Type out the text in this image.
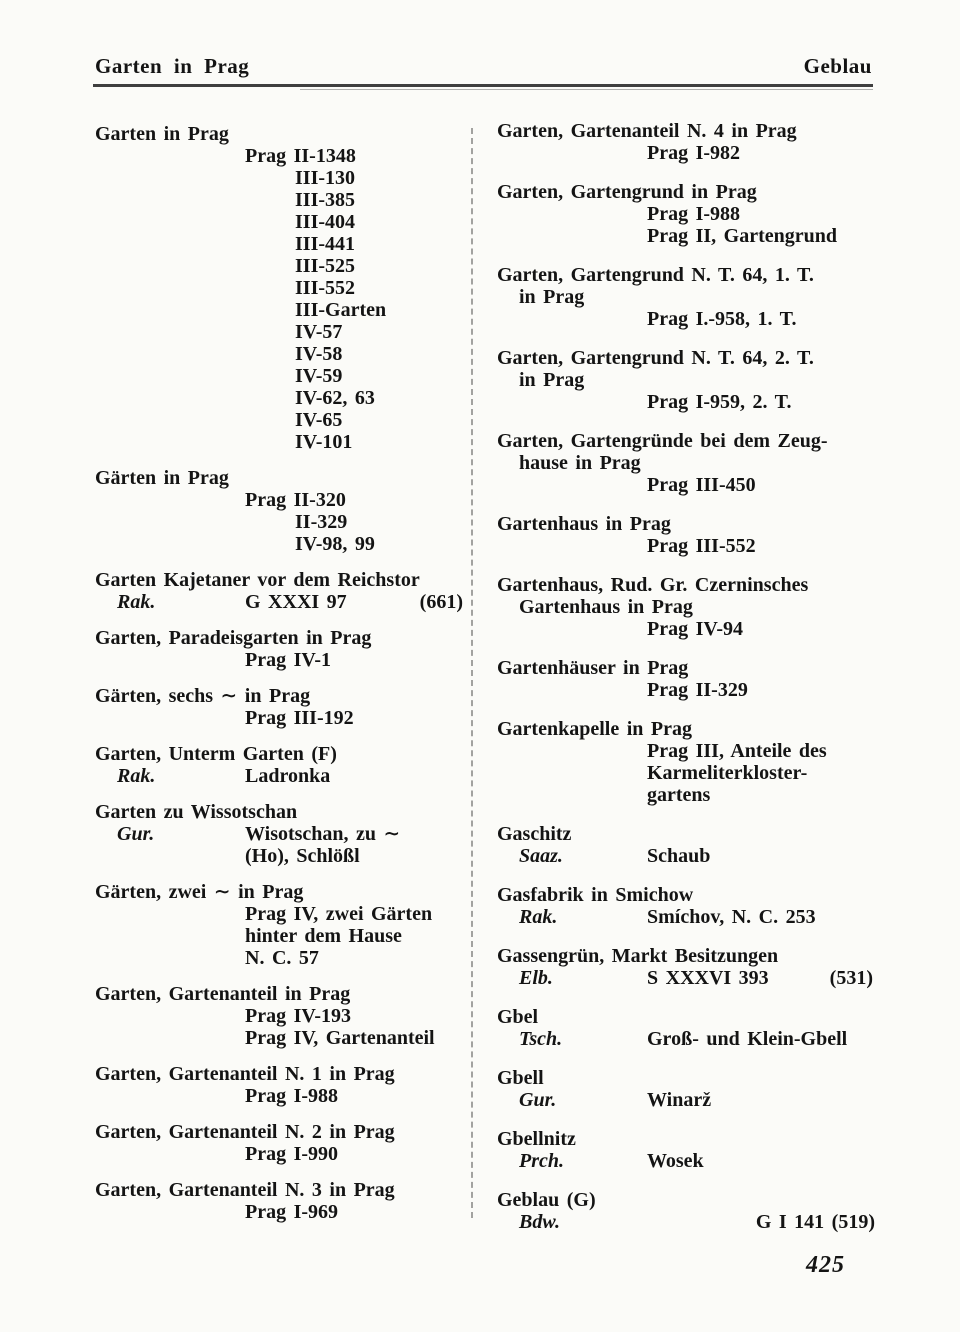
Garten in Prag	Geblau
Garten in Prag
Prag II-1348
III-130
III-385
III-404
III-441
III-525
III-552
III-Garten
IV-57
IV-58
IV-59
IV-62, 63
IV-65
IV-101
Gärten in Prag
Prag II-320
II-329
IV-98, 99
Garten Kajetaner vor dem Reichstor
Rak.	G XXXI 97	(661)
Garten, Paradeisgarten in Prag
Prag IV-1
Gärten, sechs ∼ in Prag
Prag III-192
Garten, Unterm Garten (F)
Rak.	Ladronka
Garten zu Wissotschan
Gur.	Wisotschan, zu ∼
(Ho), Schlößl
Gärten, zwei ∼ in Prag
Prag IV, zwei Gärten
hinter dem Hause
N. C. 57
Garten, Gartenanteil in Prag
Prag IV-193
Prag IV, Gartenanteil
Garten, Gartenanteil N. 1 in Prag
Prag I-988
Garten, Gartenanteil N. 2 in Prag
Prag I-990
Garten, Gartenanteil N. 3 in Prag
Prag I-969
Garten, Gartenanteil N. 4 in Prag
Prag I-982
Garten, Gartengrund in Prag
Prag I-988
Prag II, Gartengrund
Garten, Gartengrund N. T. 64, 1. T.
in Prag
Prag I.-958, 1. T.
Garten, Gartengrund N. T. 64, 2. T.
in Prag
Prag I-959, 2. T.
Garten, Gartengründe bei dem Zeug-
hause in Prag
Prag III-450
Gartenhaus in Prag
Prag III-552
Gartenhaus, Rud. Gr. Czerninsches
Gartenhaus in Prag
Prag IV-94
Gartenhäuser in Prag
Prag II-329
Gartenkapelle in Prag
Prag III, Anteile des
Karmeliterkloster-
gartens
Gaschitz
Saaz.	Schaub
Gasfabrik in Smichow
Rak.	Smíchov, N. C. 253
Gassengrün, Markt Besitzungen
Elb.	S XXXVI 393	(531)
Gbel
Tsch.	Groß- und Klein-Gbell
Gbell
Gur.	Winarž
Gbellnitz
Prch.	Wosek
Geblau (G)
Bdw.	G I 141 (519)
425
